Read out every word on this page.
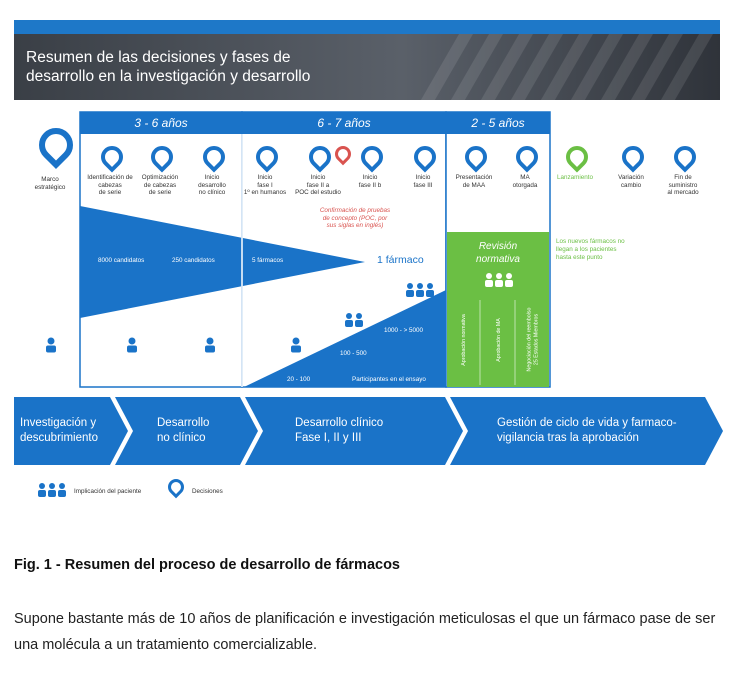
Resumen de las decisiones y fases de
desarrollo en la investigación y desarrollo
3 - 6 años	6 - 7 años	2 - 5 años
Marco
estratégico
Identificación de cabezas
de serie
Optimización
de cabezas
de serie
Inicio
desarrollo
no clínico
Inicio
fase I
1º en humanos
Inicio
fase II a
POC del estudio
Inicio
fase II b
Inicio
fase III
Presentación
de MAA
MA
otorgada
Lanzamiento	Variación
cambio
Fin de
suministro
al mercado
Confirmación de pruebas
de concepto (POC, por
sus siglas en inglés)
8000 candidatos	250 candidatos	5 fármacos	1 fármaco
1000 - > 5000
100 - 500
20 - 100	Participantes en el ensayo
Revisión
normativa
Aprobación normativa	Aprobación de MA	Negociación del reembolso
25 Estados Miembros
Los nuevos fármacos no
llegan a los pacientes
hasta este punto
Investigación y
descubrimiento
Desarrollo
no clínico
Desarrollo clínico
Fase I, II y III
Gestión de ciclo de vida y farmaco-
vigilancia tras la aprobación
Implicación del paciente	Decisiones
Fig. 1 - Resumen del proceso de desarrollo de fármacos
Supone bastante más de 10 años de planificación e investigación meticulosas el que un fármaco pase de ser una molécula a un tratamiento comercializable.
